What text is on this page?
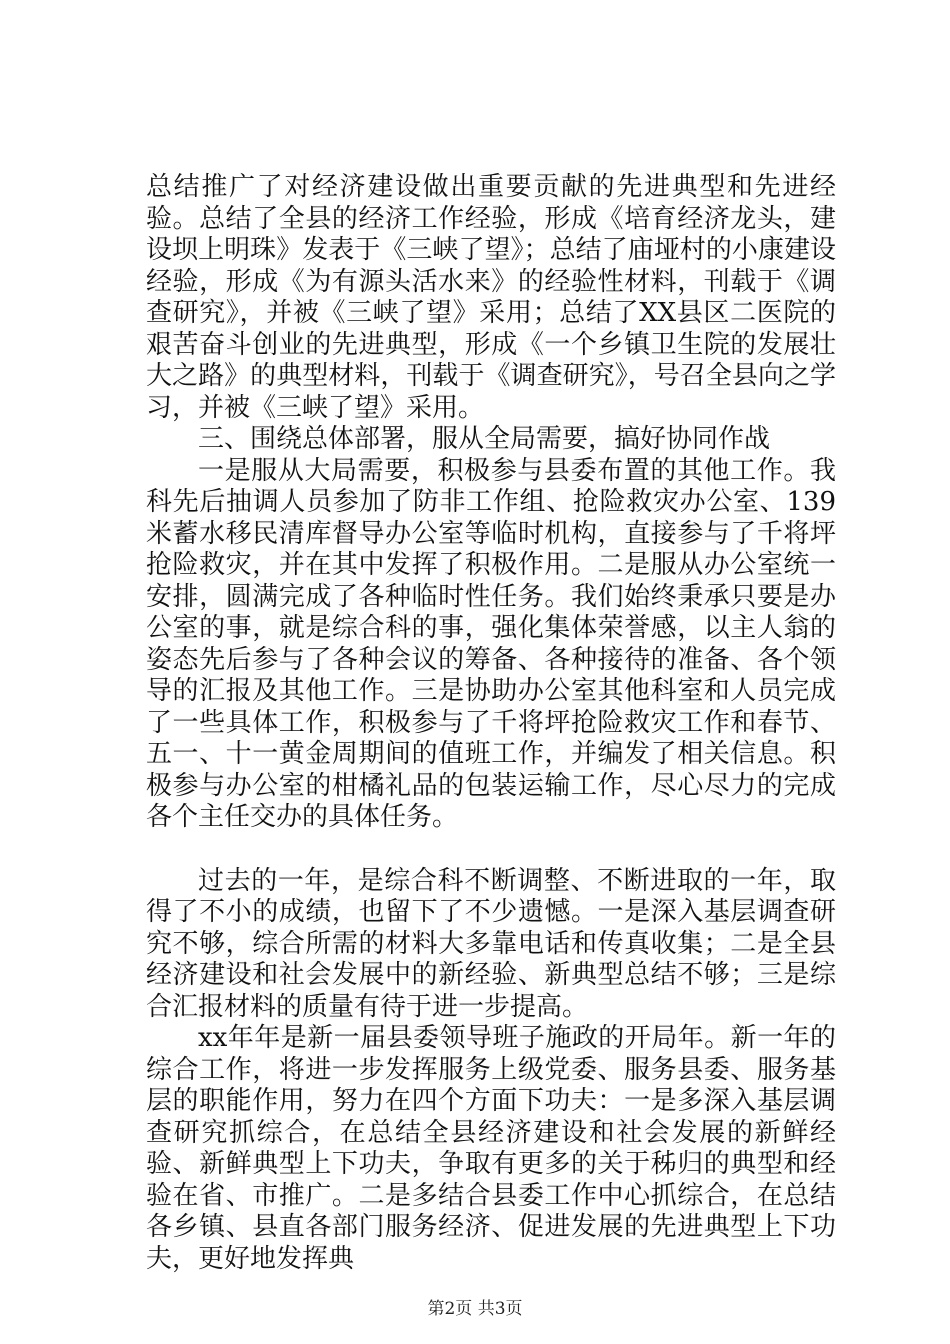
总结推广了对经济建设做出重要贡献的先进典型和先进经验。总结了全县的经济工作经验，形成《培育经济龙头，建设坝上明珠》发表于《三峡了望》；总结了庙垭村的小康建设经验，形成《为有源头活水来》的经验性材料，刊载于《调查研究》，并被《三峡了望》采用；总结了XX县区二医院的艰苦奋斗创业的先进典型，形成《一个乡镇卫生院的发展壮大之路》的典型材料，刊载于《调查研究》，号召全县向之学习，并被《三峡了望》采用。

三、围绕总体部署，服从全局需要，搞好协同作战

一是服从大局需要，积极参与县委布置的其他工作。我科先后抽调人员参加了防非工作组、抢险救灾办公室、139米蓄水移民清库督导办公室等临时机构，直接参与了千将坪抢险救灾，并在其中发挥了积极作用。二是服从办公室统一安排，圆满完成了各种临时性任务。我们始终秉承只要是办公室的事，就是综合科的事，强化集体荣誉感，以主人翁的姿态先后参与了各种会议的筹备、各种接待的准备、各个领导的汇报及其他工作。三是协助办公室其他科室和人员完成了一些具体工作，积极参与了千将坪抢险救灾工作和春节、五一、十一黄金周期间的值班工作，并编发了相关信息。积极参与办公室的柑橘礼品的包装运输工作，尽心尽力的完成各个主任交办的具体任务。

过去的一年，是综合科不断调整、不断进取的一年，取得了不小的成绩，也留下了不少遗憾。一是深入基层调查研究不够，综合所需的材料大多靠电话和传真收集；二是全县经济建设和社会发展中的新经验、新典型总结不够；三是综合汇报材料的质量有待于进一步提高。

xx年年是新一届县委领导班子施政的开局年。新一年的综合工作，将进一步发挥服务上级党委、服务县委、服务基层的职能作用，努力在四个方面下功夫：一是多深入基层调查研究抓综合，在总结全县经济建设和社会发展的新鲜经验、新鲜典型上下功夫，争取有更多的关于秭归的典型和经验在省、市推广。二是多结合县委工作中心抓综合，在总结各乡镇、县直各部门服务经济、促进发展的先进典型上下功夫，更好地发挥典

第2页 共3页
